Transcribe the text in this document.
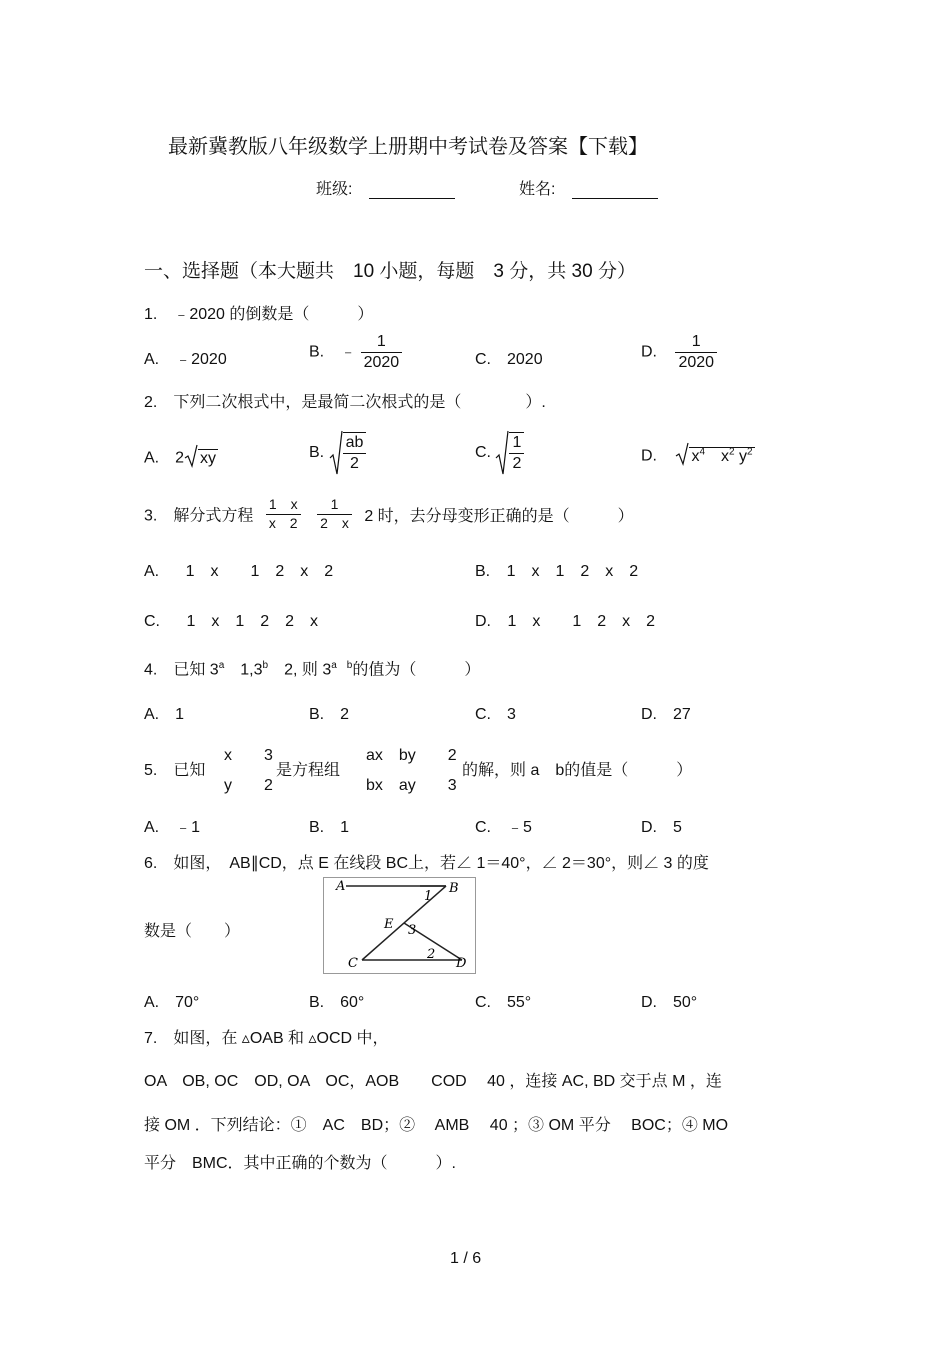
最新冀教版八年级数学上册期中考试卷及答案【下载】
班级:	姓名:
一、选择题（本大题共　10 小题，每题　3 分，共 30 分）
1.　﹣2020 的倒数是（　　　）
A.　﹣2020	B.　﹣ $\frac{1}{2020}$	C.　2020	D. $\frac{1}{2020}$
2.　下列二次根式中，是最简二次根式的是（　　　　）.
A.　2 xy	B. $\frac{ab}{2}$	C. $\frac{1}{2}$	D. $x^4$　 $x^2$ $y^2$
3.　解分式方程 $\frac{1 x}{x 2}$
$\frac{1}{2 x} 2$ 时，去分母变形正确的是（　　　）
A. 1　x　　1　2　x　2	B. 1　x　1　2　x　2
C. 1　x　1　2　2　x	D. 1　x　　1　2　x　2
4.　已知 3$^a$　1,3$^b$　2, 则 $3^{a b}$的值为（　　　）
A.　1	B.　2	C.　3	D.　27
5.　已知
x　　3
y　　2
是方程组
ax　by　　2
bx　ay　　3
的解，则 a　b的值是（　　　）
A.　﹣1	B.　1	C.　﹣5	D.　5
6.　如图，　AB∥CD，点 E 在线段 BC上，若∠ 1＝40°，∠ 2＝30°，则∠ 3 的度
数是（　　）
A	B
C	D
E
1
2
3
A.　70°	B.　60°	C.　55°	D.　50°
7.　如图，在 ▵OAB 和 ▵OCD 中，
OA　OB, OC　OD, OA　OC，AOB　　COD　 40 ，连接 AC, BD 交于点 M ，连
接 OM ．下列结论：①　AC　BD；②　 AMB　 40 ；③ OM 平分　 BOC；④ MO
平分　BMC．其中正确的个数为（　　　）.
1 / 6
